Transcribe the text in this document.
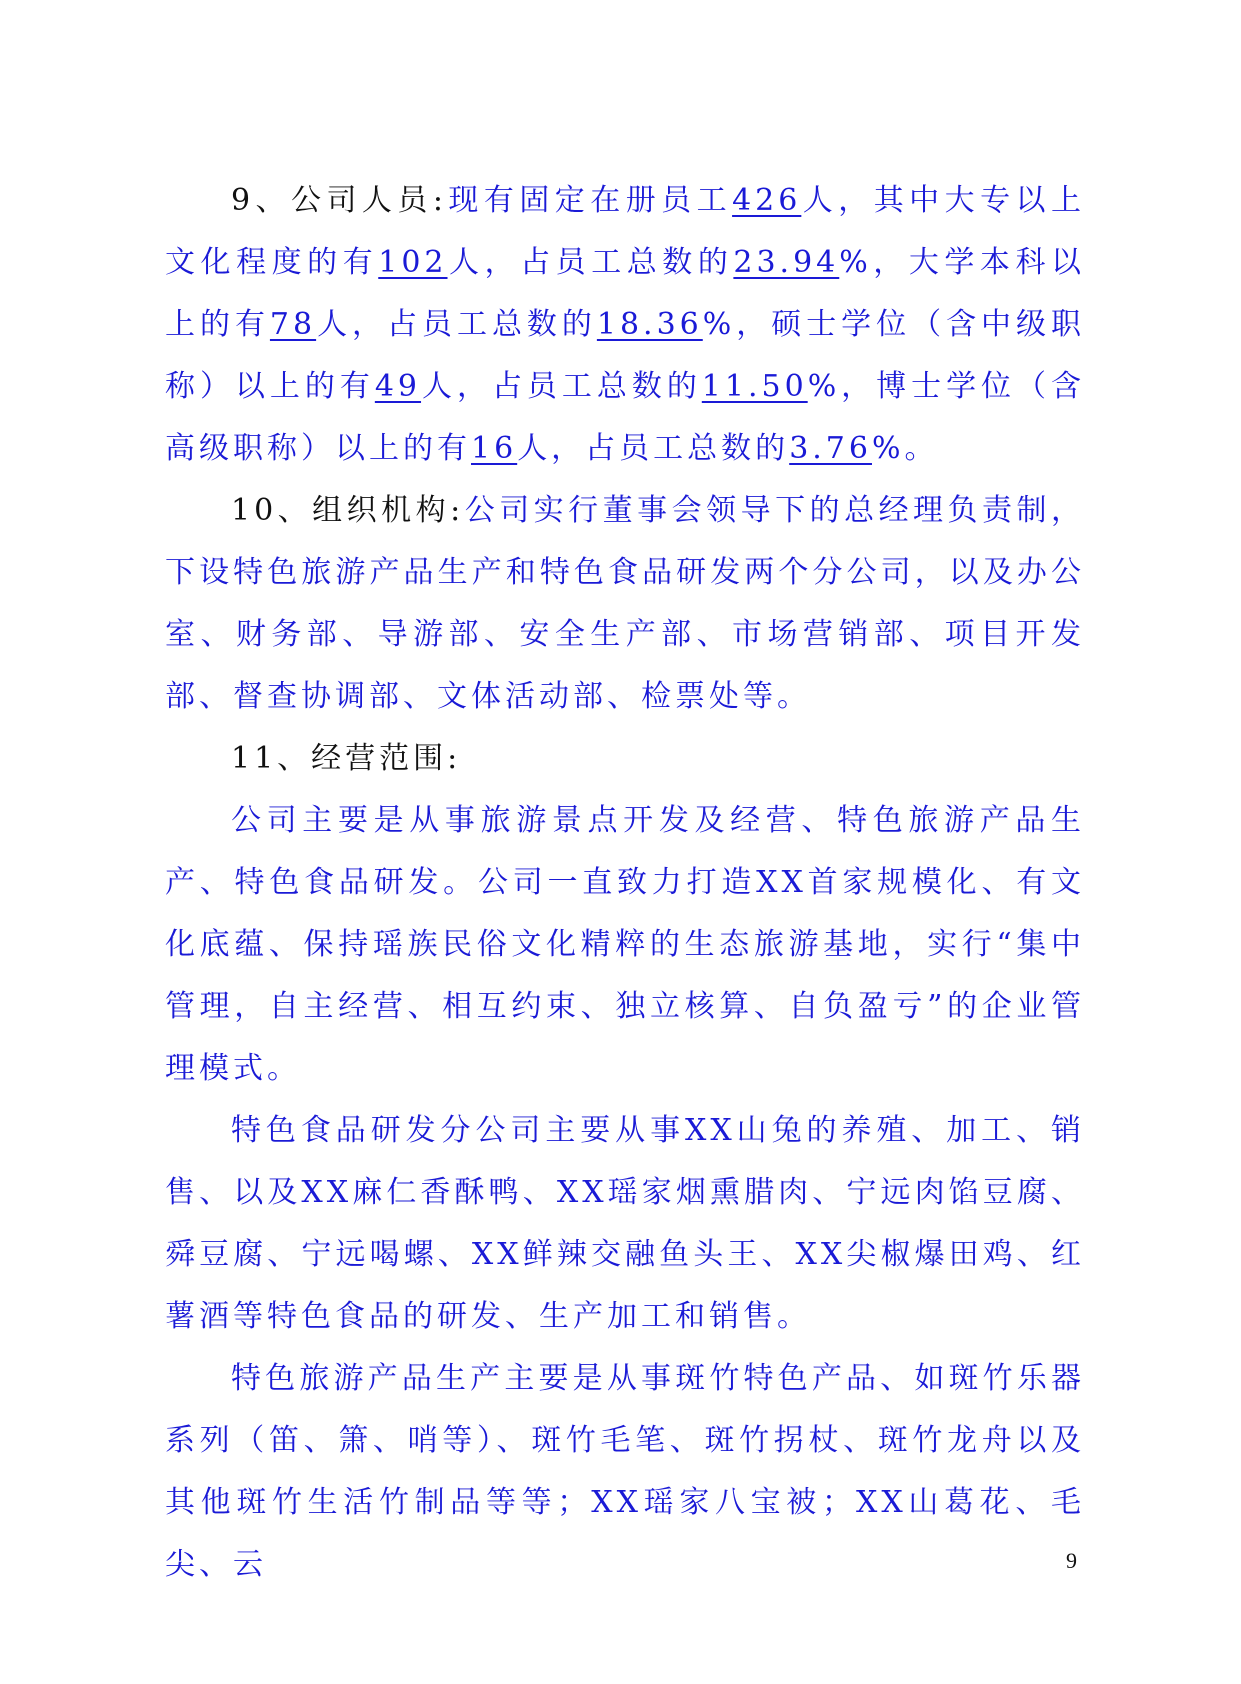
9、公司人员:现有固定在册员工426人，其中大专以上文化程度的有102人，占员工总数的23.94%，大学本科以上的有78人，占员工总数的18.36%，硕士学位（含中级职称）以上的有49人，占员工总数的11.50%，博士学位（含高级职称）以上的有16人，占员工总数的3.76%。

10、组织机构:公司实行董事会领导下的总经理负责制，下设特色旅游产品生产和特色食品研发两个分公司，以及办公室、财务部、导游部、安全生产部、市场营销部、项目开发部、督查协调部、文体活动部、检票处等。

11、经营范围:

公司主要是从事旅游景点开发及经营、特色旅游产品生产、特色食品研发。公司一直致力打造XX首家规模化、有文化底蕴、保持瑶族民俗文化精粹的生态旅游基地，实行“集中管理，自主经营、相互约束、独立核算、自负盈亏”的企业管理模式。

特色食品研发分公司主要从事XX山兔的养殖、加工、销售、以及XX麻仁香酥鸭、XX瑶家烟熏腊肉、宁远肉馅豆腐、舜豆腐、宁远喝螺、XX鲜辣交融鱼头王、XX尖椒爆田鸡、红薯酒等特色食品的研发、生产加工和销售。

特色旅游产品生产主要是从事斑竹特色产品、如斑竹乐器系列（笛、箫、哨等）、斑竹毛笔、斑竹拐杖、斑竹龙舟以及其他斑竹生活竹制品等等；XX瑶家八宝被；XX山葛花、毛尖、云	9
